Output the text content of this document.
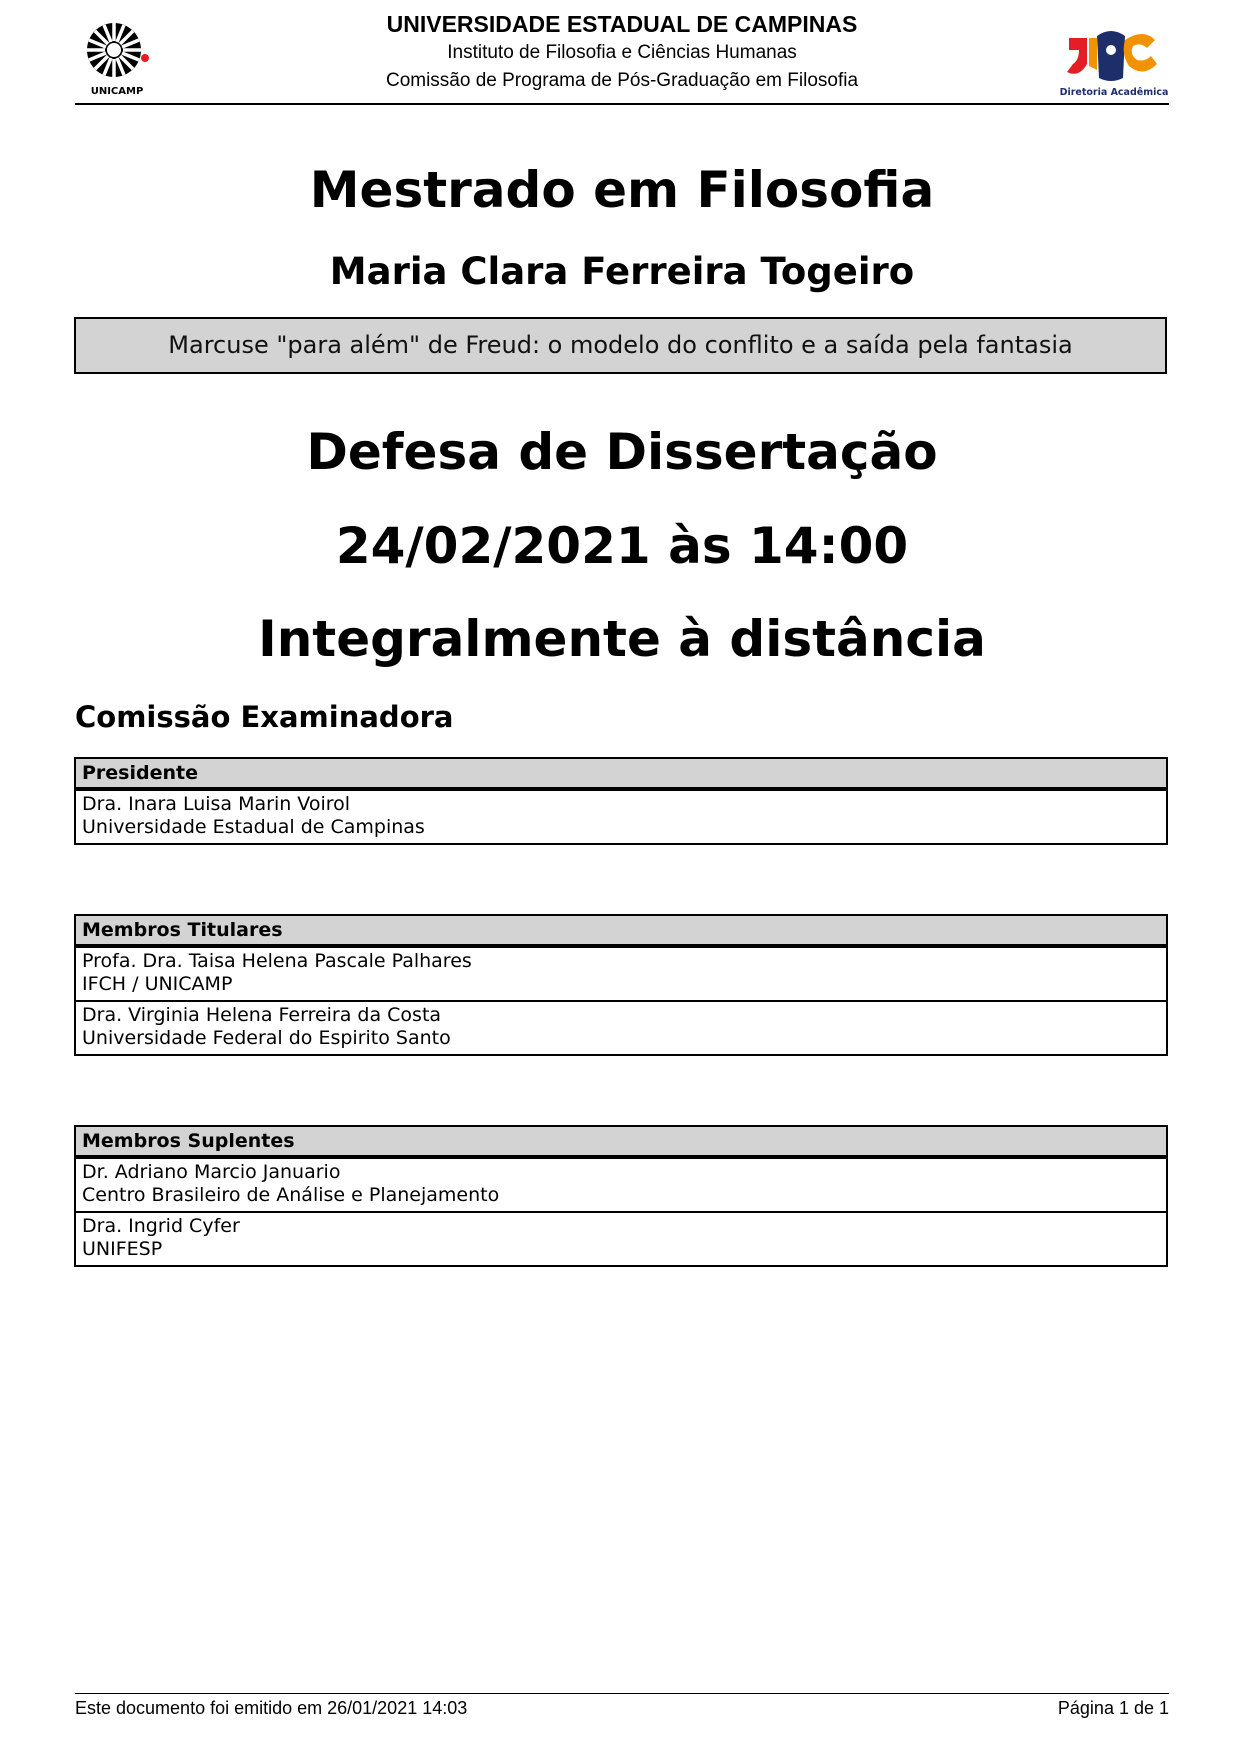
UNICAMP
UNIVERSIDADE ESTADUAL DE CAMPINAS
Instituto de Filosofia e Ciências Humanas
Comissão de Programa de Pós-Graduação em Filosofia
Diretoria Acadêmica
Mestrado em Filosofia
Maria Clara Ferreira Togeiro
Marcuse "para além" de Freud: o modelo do conflito e a saída pela fantasia
Defesa de Dissertação
24/02/2021 às 14:00
Integralmente à distância
Comissão Examinadora
Presidente
Dra. Inara Luisa Marin Voirol
Universidade Estadual de Campinas
Membros Titulares
Profa. Dra. Taisa Helena Pascale Palhares
IFCH / UNICAMP
Dra. Virginia Helena Ferreira da Costa
Universidade Federal do Espirito Santo
Membros Suplentes
Dr. Adriano Marcio Januario
Centro Brasileiro de Análise e Planejamento
Dra. Ingrid Cyfer
UNIFESP
Este documento foi emitido em 26/01/2021 14:03	Página 1 de 1
